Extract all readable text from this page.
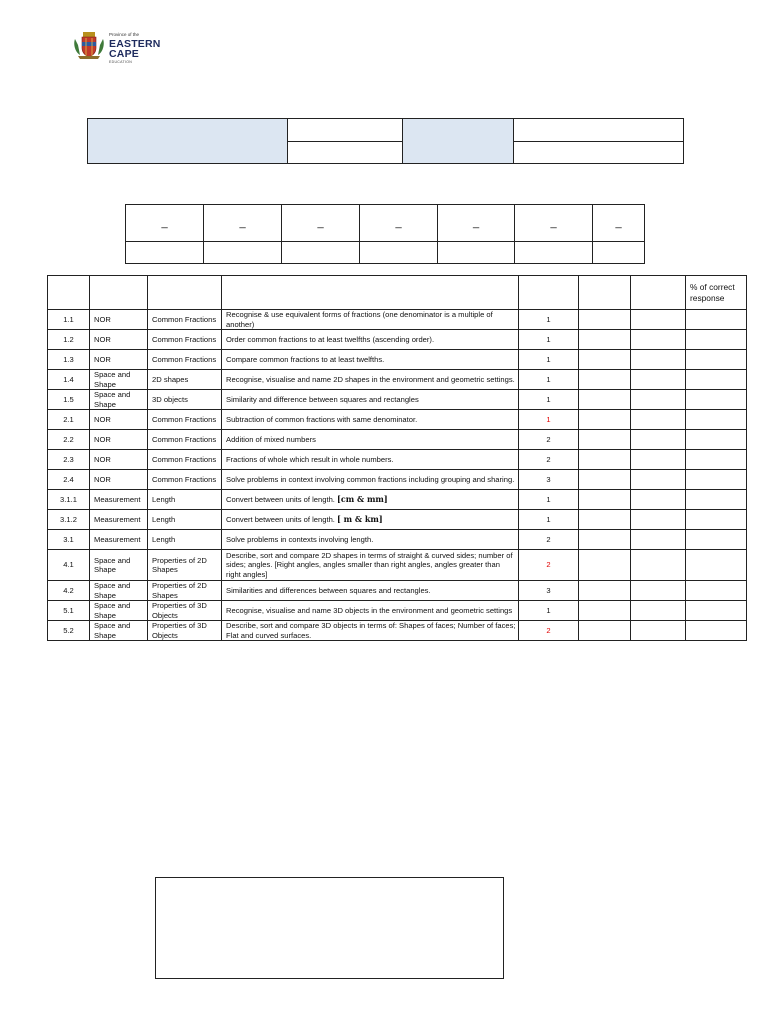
Province of the
EASTERN CAPE
EDUCATION

_	_	_	_	_	_	_

							% of correct response
1.1	NOR	Common Fractions	Recognise & use equivalent forms of fractions (one denominator is a multiple of another)	1			
1.2	NOR	Common Fractions	Order common fractions to at least twelfths (ascending order).	1			
1.3	NOR	Common Fractions	Compare common fractions to at least twelfths.	1			
1.4	Space and Shape	2D shapes	Recognise, visualise and name 2D shapes in the environment and geometric settings.	1			
1.5	Space and Shape	3D objects	Similarity and difference between squares and rectangles	1			
2.1	NOR	Common Fractions	Subtraction of common fractions with same denominator.	1			
2.2	NOR	Common Fractions	Addition of mixed numbers	2			
2.3	NOR	Common Fractions	Fractions of whole which result in whole numbers.	2			
2.4	NOR	Common Fractions	Solve problems in context involving common fractions including grouping and sharing.	3			
3.1.1	Measurement	Length	Convert between units of length. [cm & mm]	1			
3.1.2	Measurement	Length	Convert between units of length. [ m & km]	1			
3.1	Measurement	Length	Solve problems in contexts involving length.	2			
4.1	Space and Shape	Properties of 2D Shapes	Describe, sort and compare 2D shapes in terms of straight & curved sides; number of sides; angles. [Right angles, angles smaller than right angles, angles greater than right angles]	2			
4.2	Space and Shape	Properties of 2D Shapes	Similarities and differences between squares and rectangles.	3			
5.1	Space and Shape	Properties of 3D Objects	Recognise, visualise and name 3D objects in the environment and geometric settings	1			
5.2	Space and Shape	Properties of 3D Objects	Describe, sort and compare 3D objects in terms of: Shapes of faces; Number of faces; Flat and curved surfaces.	2			
